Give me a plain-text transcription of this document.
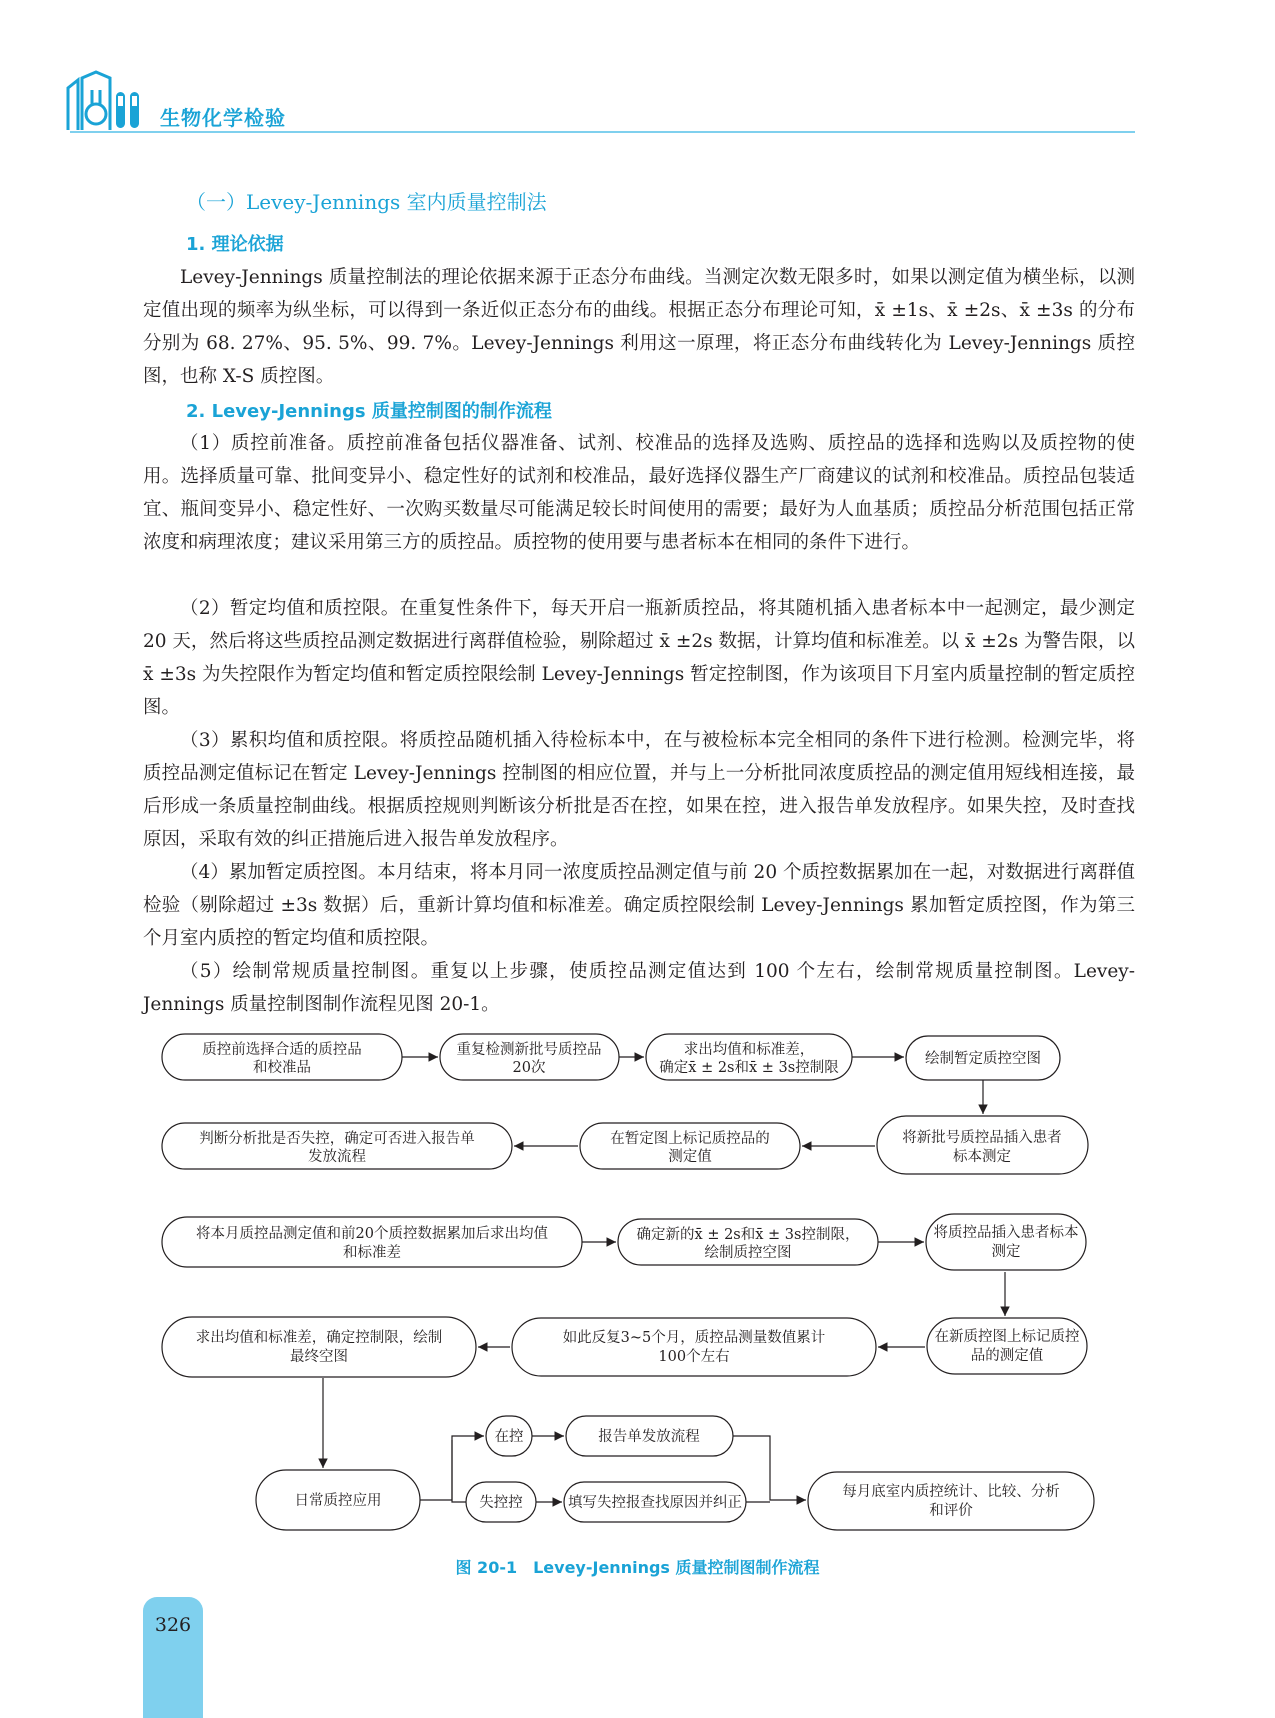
生物化学检验
（一）Levey-Jennings 室内质量控制法
1. 理论依据

Levey-Jennings 质量控制法的理论依据来源于正态分布曲线。当测定次数无限多时，如果以测定值为横坐标，以测定值出现的频率为纵坐标，可以得到一条近似正态分布的曲线。根据正态分布理论可知，x̄ ±1s、x̄ ±2s、x̄ ±3s 的分布分别为 68. 27%、95. 5%、99. 7%。Levey-Jennings 利用这一原理，将正态分布曲线转化为 Levey-Jennings 质控图，也称 X-S 质控图。

2. Levey-Jennings 质量控制图的制作流程

（1）质控前准备。质控前准备包括仪器准备、试剂、校准品的选择及选购、质控品的选择和选购以及质控物的使用。选择质量可靠、批间变异小、稳定性好的试剂和校准品，最好选择仪器生产厂商建议的试剂和校准品。质控品包装适宜、瓶间变异小、稳定性好、一次购买数量尽可能满足较长时间使用的需要；最好为人血基质；质控品分析范围包括正常浓度和病理浓度；建议采用第三方的质控品。质控物的使用要与患者标本在相同的条件下进行。

（2）暂定均值和质控限。在重复性条件下，每天开启一瓶新质控品，将其随机插入患者标本中一起测定，最少测定 20 天，然后将这些质控品测定数据进行离群值检验，剔除超过 x̄ ±2s 数据，计算均值和标准差。以 x̄ ±2s 为警告限，以 x̄ ±3s 为失控限作为暂定均值和暂定质控限绘制 Levey-Jennings 暂定控制图，作为该项目下月室内质量控制的暂定质控图。

（3）累积均值和质控限。将质控品随机插入待检标本中，在与被检标本完全相同的条件下进行检测。检测完毕，将质控品测定值标记在暂定 Levey-Jennings 控制图的相应位置，并与上一分析批同浓度质控品的测定值用短线相连接，最后形成一条质量控制曲线。根据质控规则判断该分析批是否在控，如果在控，进入报告单发放程序。如果失控，及时查找原因，采取有效的纠正措施后进入报告单发放程序。

（4）累加暂定质控图。本月结束，将本月同一浓度质控品测定值与前 20 个质控数据累加在一起，对数据进行离群值检验（剔除超过 ±3s 数据）后，重新计算均值和标准差。确定质控限绘制 Levey-Jennings 累加暂定质控图，作为第三个月室内质控的暂定均值和质控限。

（5）绘制常规质量控制图。重复以上步骤，使质控品测定值达到 100 个左右，绘制常规质量控制图。Levey-Jennings 质量控制图制作流程见图 20-1。

质控前选择合适的质控品
和校准品
重复检测新批号质控品
20次
求出均值和标准差，
确定x̄ ± 2s和x̄ ± 3s控制限
绘制暂定质控空图
将新批号质控品插入患者
标本测定
在暂定图上标记质控品的
测定值
判断分析批是否失控，确定可否进入报告单
发放流程
将本月质控品测定值和前20个质控数据累加后求出均值
和标准差
确定新的x̄ ± 2s和x̄ ± 3s控制限，
绘制质控空图
将质控品插入患者标本
测定
在新质控图上标记质控
品的测定值
如此反复3~5个月，质控品测量数值累计
100个左右
求出均值和标准差，确定控制限，绘制
最终空图
日常质控应用
在控	报告单发放流程
失控控	填写失控报查找原因并纠正
每月底室内质控统计、比较、分析
和评价
图 20-1　Levey-Jennings 质量控制图制作流程
326
